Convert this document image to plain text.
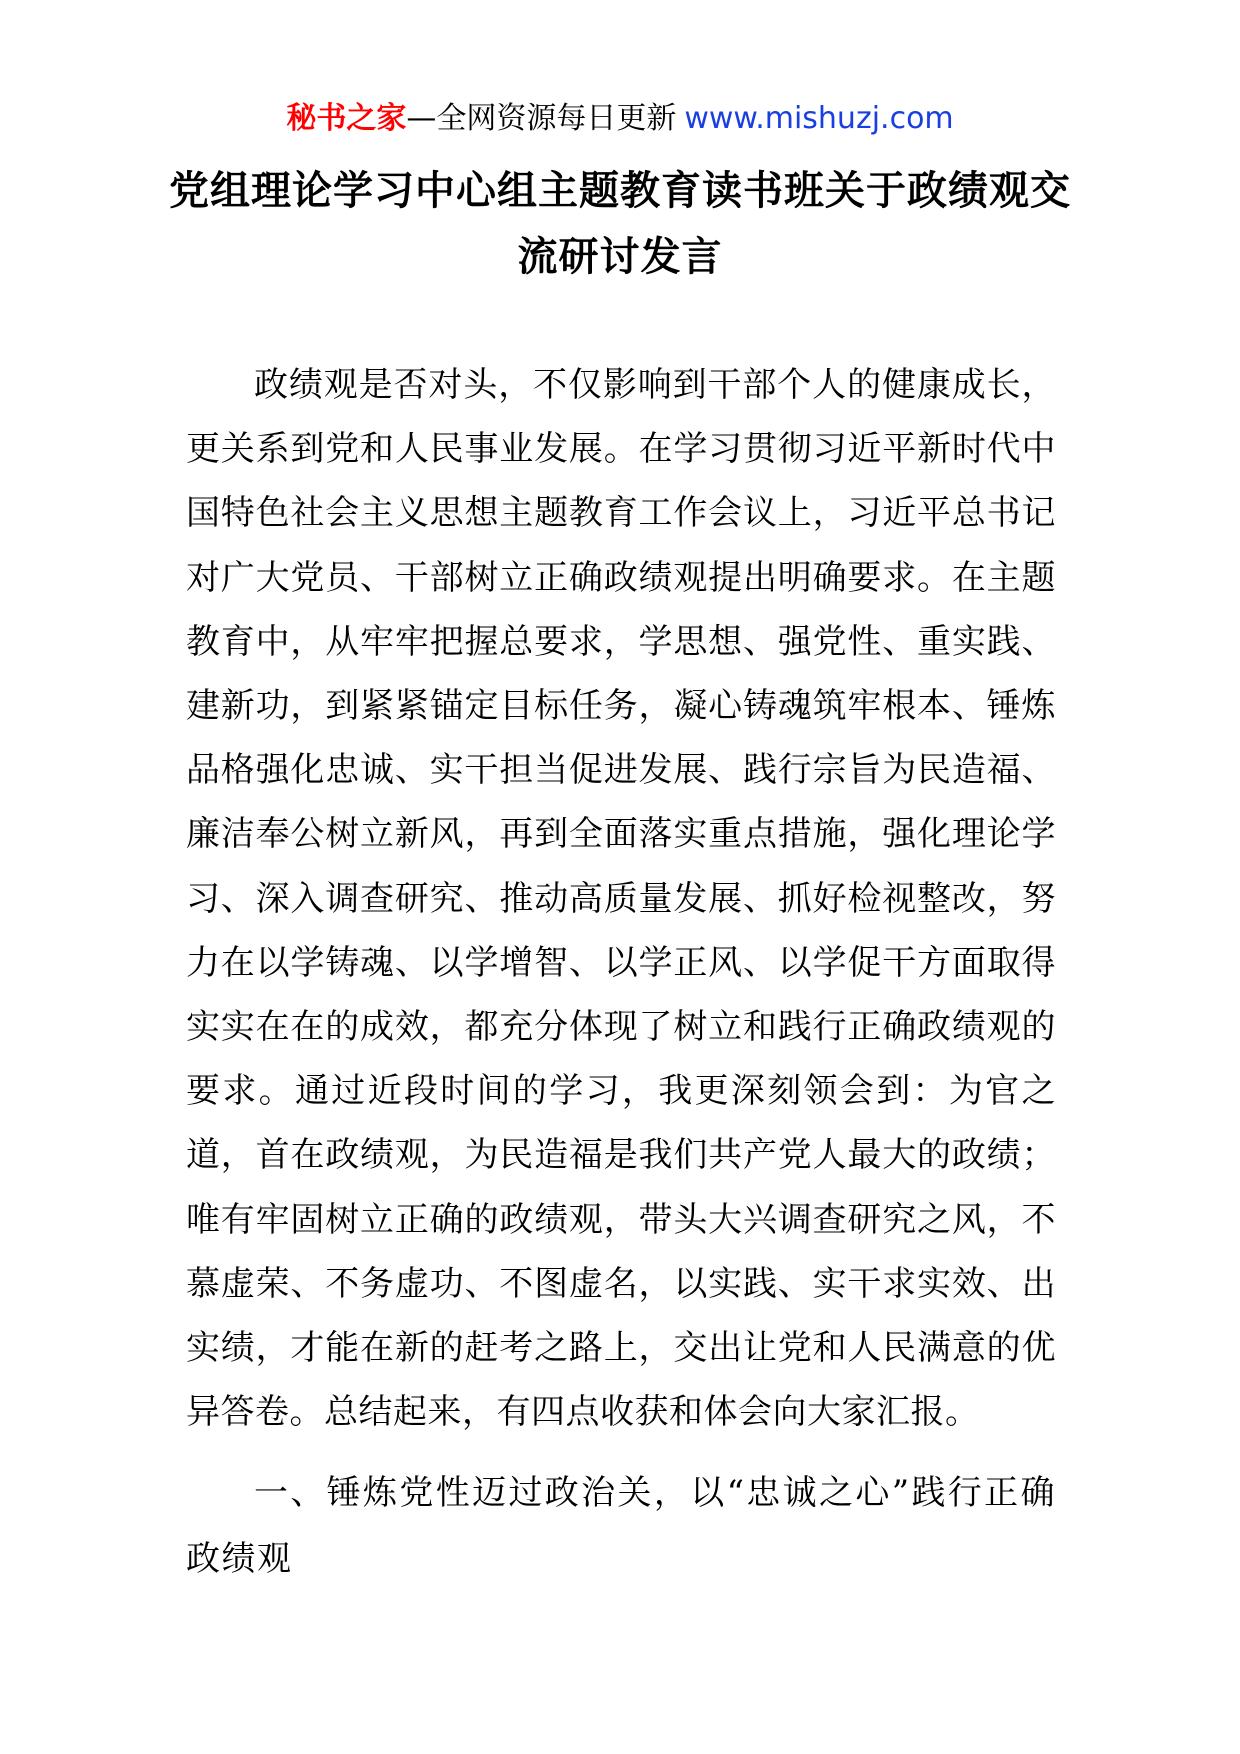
秘书之家—全网资源每日更新 www.mishuzj.com
党组理论学习中心组主题教育读书班关于政绩观交流研讨发言

政绩观是否对头，不仅影响到干部个人的健康成长，更关系到党和人民事业发展。在学习贯彻习近平新时代中国特色社会主义思想主题教育工作会议上，习近平总书记对广大党员、干部树立正确政绩观提出明确要求。在主题教育中，从牢牢把握总要求，学思想、强党性、重实践、建新功，到紧紧锚定目标任务，凝心铸魂筑牢根本、锤炼品格强化忠诚、实干担当促进发展、践行宗旨为民造福、廉洁奉公树立新风，再到全面落实重点措施，强化理论学习、深入调查研究、推动高质量发展、抓好检视整改，努力在以学铸魂、以学增智、以学正风、以学促干方面取得实实在在的成效，都充分体现了树立和践行正确政绩观的要求。通过近段时间的学习，我更深刻领会到：为官之道，首在政绩观，为民造福是我们共产党人最大的政绩；唯有牢固树立正确的政绩观，带头大兴调查研究之风，不慕虚荣、不务虚功、不图虚名，以实践、实干求实效、出实绩，才能在新的赶考之路上，交出让党和人民满意的优异答卷。总结起来，有四点收获和体会向大家汇报。

一、锤炼党性迈过政治关，以“忠诚之心”践行正确政绩观
